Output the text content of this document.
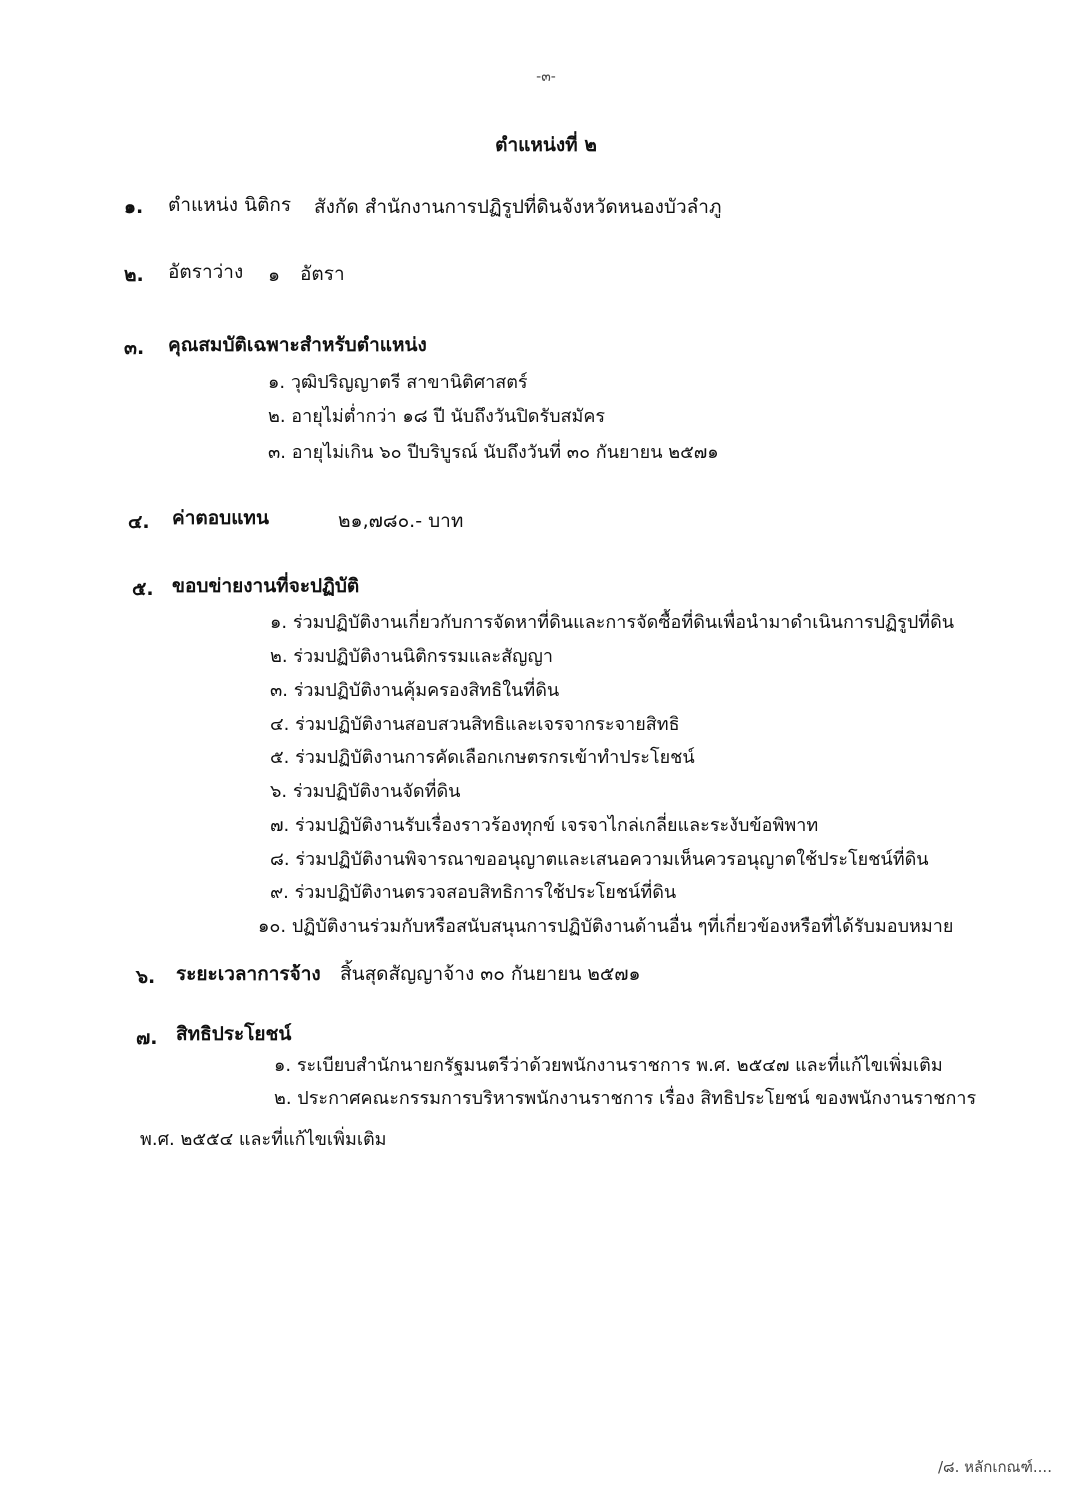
-๓-
ตำแหน่งที่ ๒
๑. ตำแหน่ง นิติกร สังกัด สำนักงานการปฏิรูปที่ดินจังหวัดหนองบัวลำภู
๒. อัตราว่าง ๑ อัตรา
๓. คุณสมบัติเฉพาะสำหรับตำแหน่ง
๑. วุฒิปริญญาตรี สาขานิติศาสตร์
๒. อายุไม่ต่ำกว่า ๑๘ ปี นับถึงวันปิดรับสมัคร
๓. อายุไม่เกิน ๖๐ ปีบริบูรณ์ นับถึงวันที่ ๓๐ กันยายน ๒๕๗๑
๔. ค่าตอบแทน	๒๑,๗๘๐.- บาท
๕. ขอบข่ายงานที่จะปฏิบัติ
๑. ร่วมปฏิบัติงานเกี่ยวกับการจัดหาที่ดินและการจัดซื้อที่ดินเพื่อนำมาดำเนินการปฏิรูปที่ดิน
๒. ร่วมปฏิบัติงานนิติกรรมและสัญญา
๓. ร่วมปฏิบัติงานคุ้มครองสิทธิในที่ดิน
๔. ร่วมปฏิบัติงานสอบสวนสิทธิและเจรจากระจายสิทธิ
๕. ร่วมปฏิบัติงานการคัดเลือกเกษตรกรเข้าทำประโยชน์
๖. ร่วมปฏิบัติงานจัดที่ดิน
๗. ร่วมปฏิบัติงานรับเรื่องราวร้องทุกข์ เจรจาไกล่เกลี่ยและระงับข้อพิพาท
๘. ร่วมปฏิบัติงานพิจารณาขออนุญาตและเสนอความเห็นควรอนุญาตใช้ประโยชน์ที่ดิน
๙. ร่วมปฏิบัติงานตรวจสอบสิทธิการใช้ประโยชน์ที่ดิน
๑๐. ปฏิบัติงานร่วมกับหรือสนับสนุนการปฏิบัติงานด้านอื่น ๆที่เกี่ยวข้องหรือที่ได้รับมอบหมาย
๖. ระยะเวลาการจ้าง สิ้นสุดสัญญาจ้าง ๓๐ กันยายน ๒๕๗๑
๗. สิทธิประโยชน์
๑. ระเบียบสำนักนายกรัฐมนตรีว่าด้วยพนักงานราชการ พ.ศ. ๒๕๔๗ และที่แก้ไขเพิ่มเติม
๒. ประกาศคณะกรรมการบริหารพนักงานราชการ เรื่อง สิทธิประโยชน์ ของพนักงานราชการ
พ.ศ. ๒๕๕๔ และที่แก้ไขเพิ่มเติม
/๘. หลักเกณฑ์....
